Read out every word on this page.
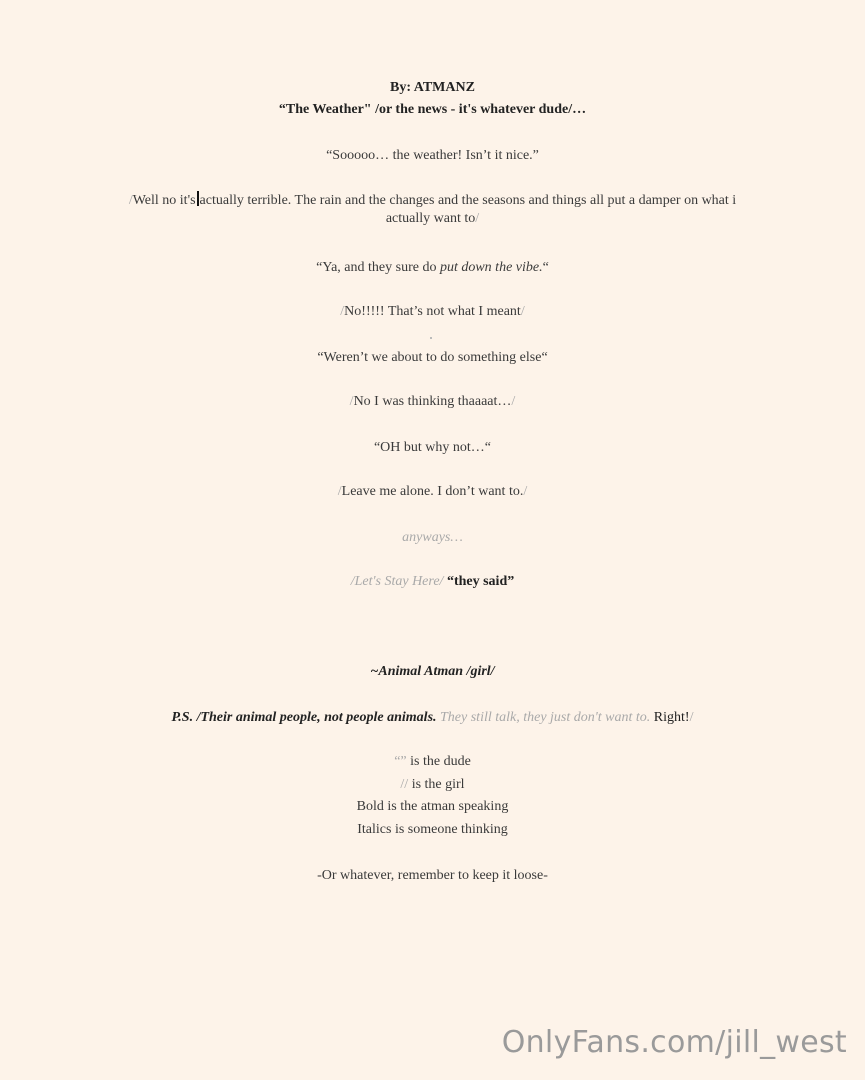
By: ATMANZ
“The Weather" /or the news - it's whatever dude/…
“Sooooo… the weather! Isn’t it nice.”
/Well no it's actually terrible. The rain and the changes and the seasons and things all put a damper on what i actually want to/
“Ya, and they sure do put down the vibe.“
/No!!!!! That’s not what I meant/
“Weren’t we about to do something else“
/No I was thinking thaaaat…/
“OH but why not…“
/Leave me alone. I don’t want to./
anyways…
/Let's Stay Here/ “they said”
~Animal Atman /girl/
P.S. /Their animal people, not people animals. They still talk, they just don't want to. Right!/
“” is the dude
// is the girl
Bold is the atman speaking
Italics is someone thinking
-Or whatever, remember to keep it loose-
OnlyFans.com/jill_west
